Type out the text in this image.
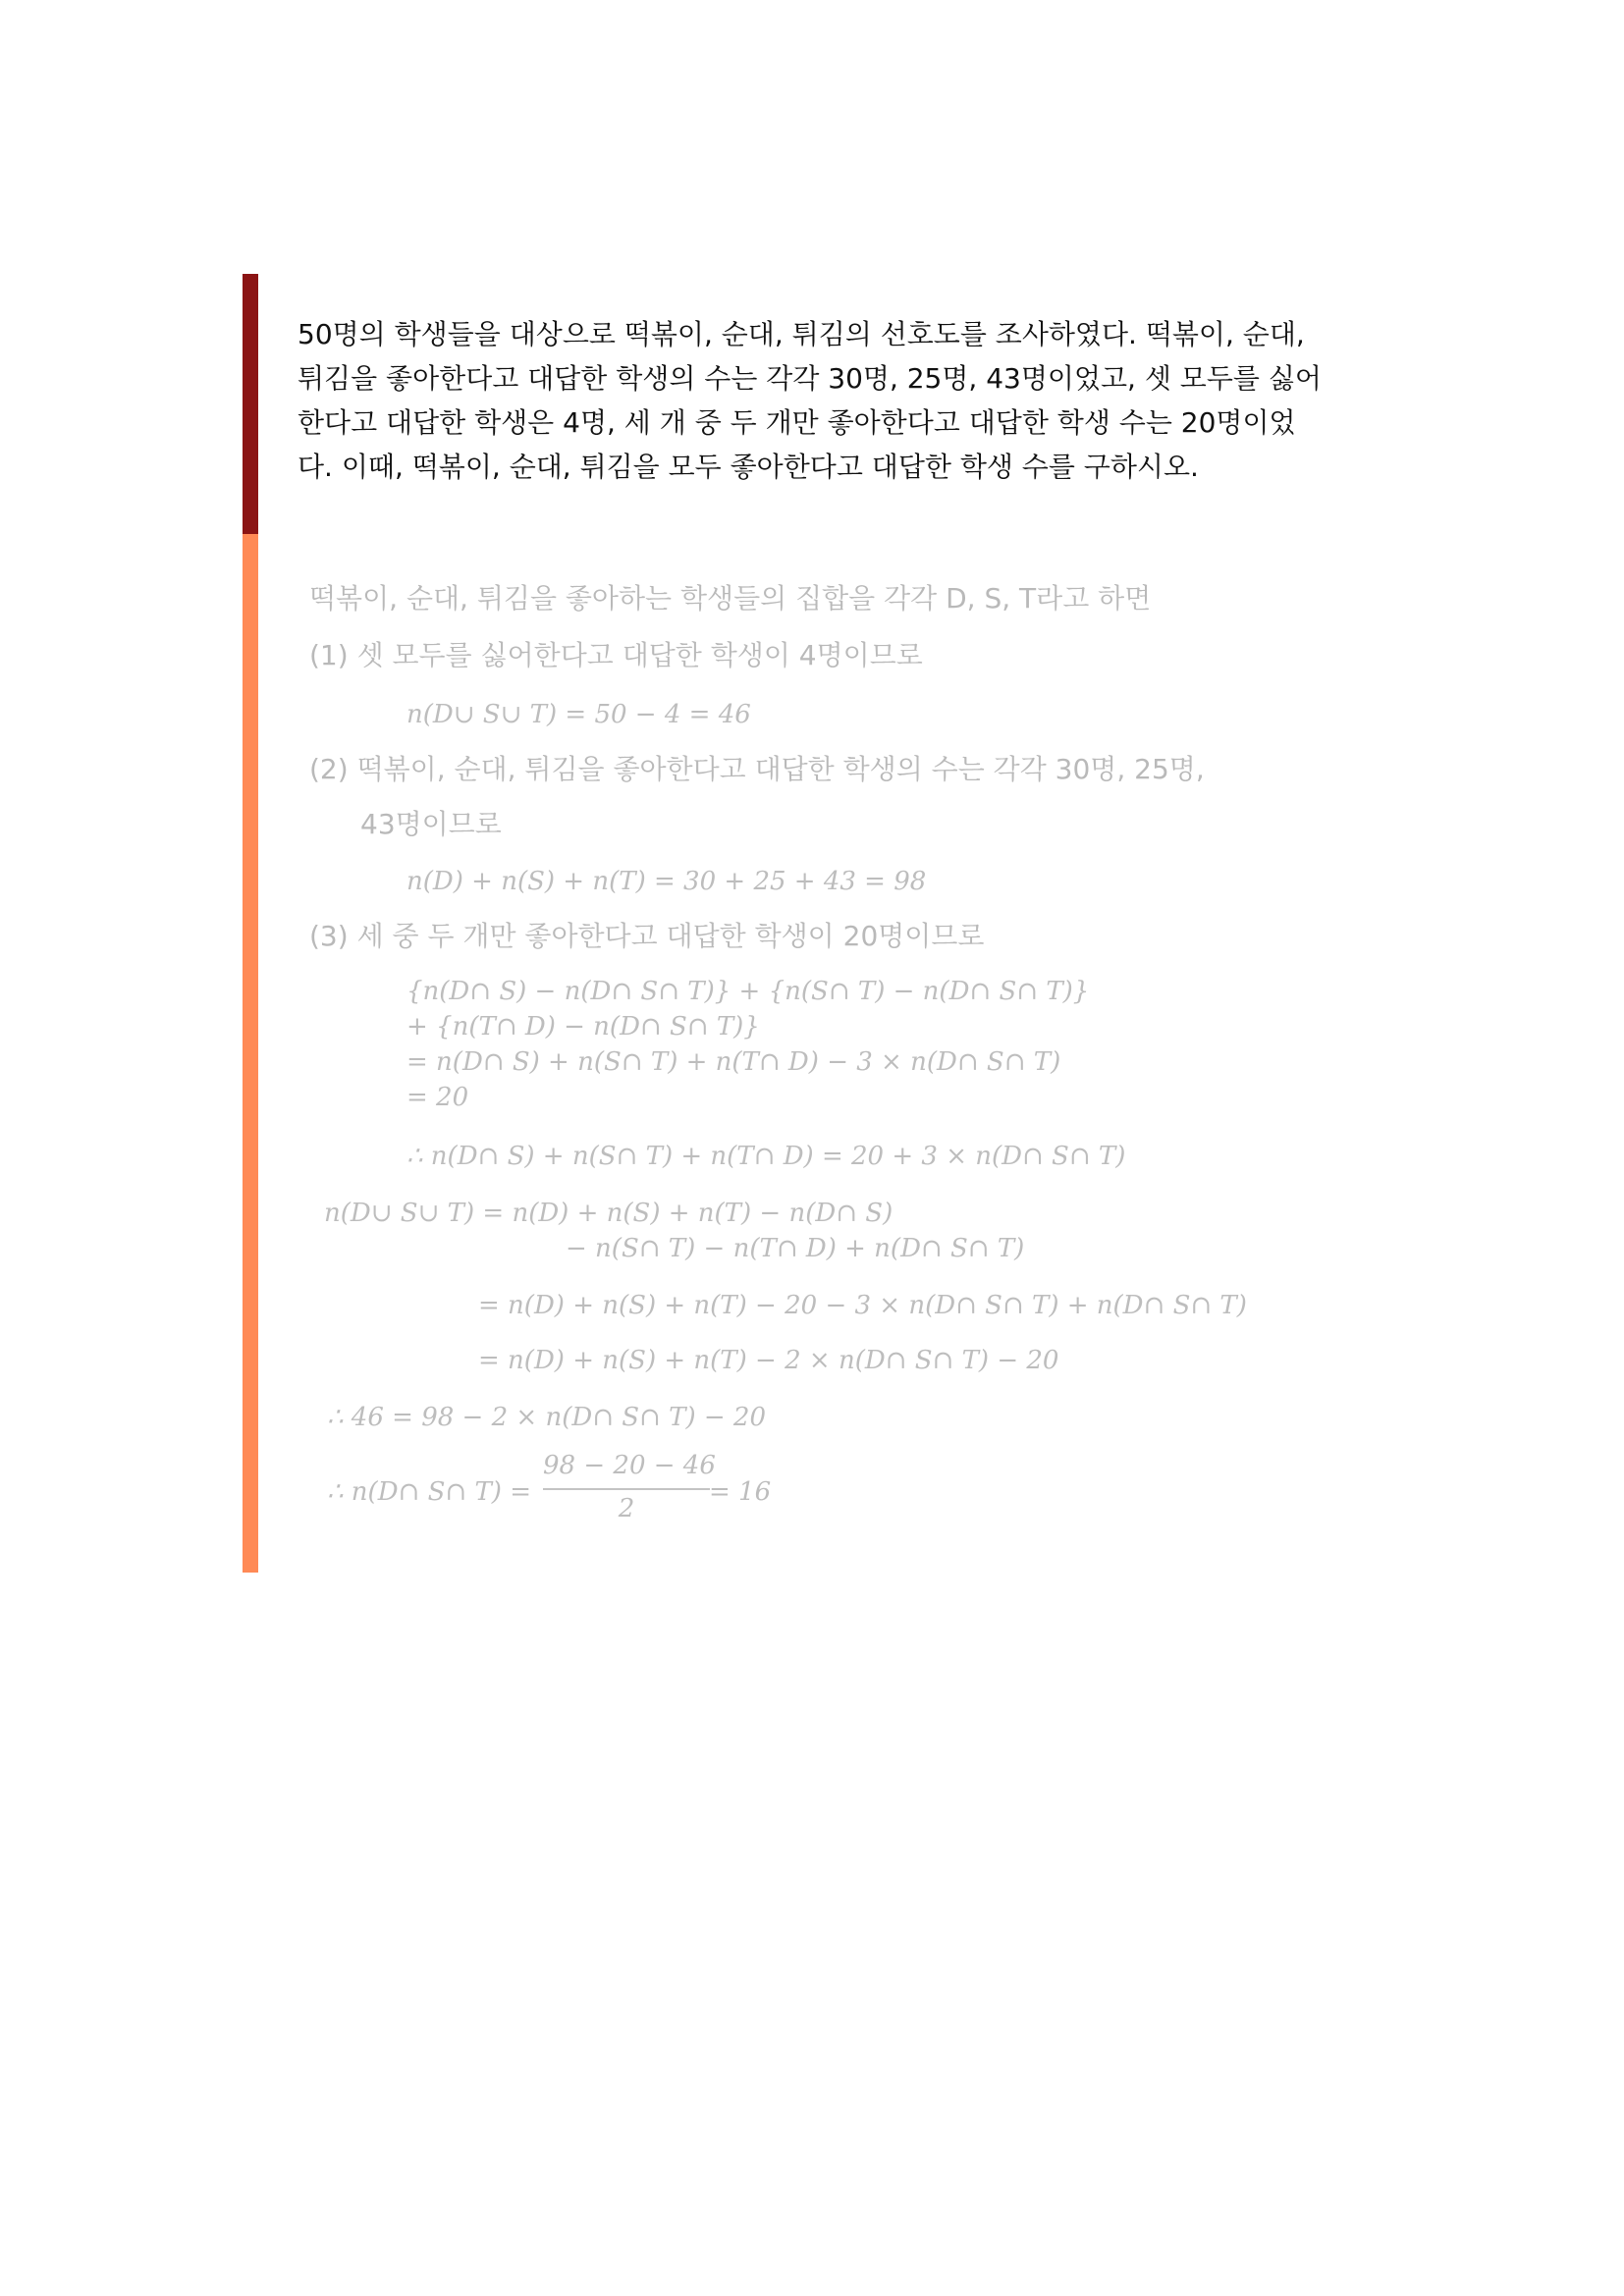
50명의 학생들을 대상으로 떡볶이, 순대, 튀김의 선호도를 조사하였다. 떡볶이, 순대,
튀김을 좋아한다고 대답한 학생의 수는 각각 30명, 25명, 43명이었고, 셋 모두를 싫어
한다고 대답한 학생은 4명, 세 개 중 두 개만 좋아한다고 대답한 학생 수는 20명이었
다. 이때, 떡볶이, 순대, 튀김을 모두 좋아한다고 대답한 학생 수를 구하시오.
떡볶이, 순대, 튀김을 좋아하는 학생들의 집합을 각각 D, S, T라고 하면
(1) 셋 모두를 싫어한다고 대답한 학생이 4명이므로
n(D∪ S∪ T) = 50 − 4 = 46
(2) 떡볶이, 순대, 튀김을 좋아한다고 대답한 학생의 수는 각각 30명, 25명,
43명이므로
n(D) + n(S) + n(T) = 30 + 25 + 43 = 98
(3) 세 중 두 개만 좋아한다고 대답한 학생이 20명이므로
{n(D∩ S) − n(D∩ S∩ T)} + {n(S∩ T) − n(D∩ S∩ T)}
+ {n(T∩ D) − n(D∩ S∩ T)}
= n(D∩ S) + n(S∩ T) + n(T∩ D) − 3 × n(D∩ S∩ T)
= 20
∴ n(D∩ S) + n(S∩ T) + n(T∩ D) = 20 + 3 × n(D∩ S∩ T)
n(D∪ S∪ T) = n(D) + n(S) + n(T) − n(D∩ S)
− n(S∩ T) − n(T∩ D) + n(D∩ S∩ T)
= n(D) + n(S) + n(T) − 20 − 3 × n(D∩ S∩ T) + n(D∩ S∩ T)
= n(D) + n(S) + n(T) − 2 × n(D∩ S∩ T) − 20
∴ 46 = 98 − 2 × n(D∩ S∩ T) − 20
∴ n(D∩ S∩ T) =
98 − 20 − 46
2
= 16
